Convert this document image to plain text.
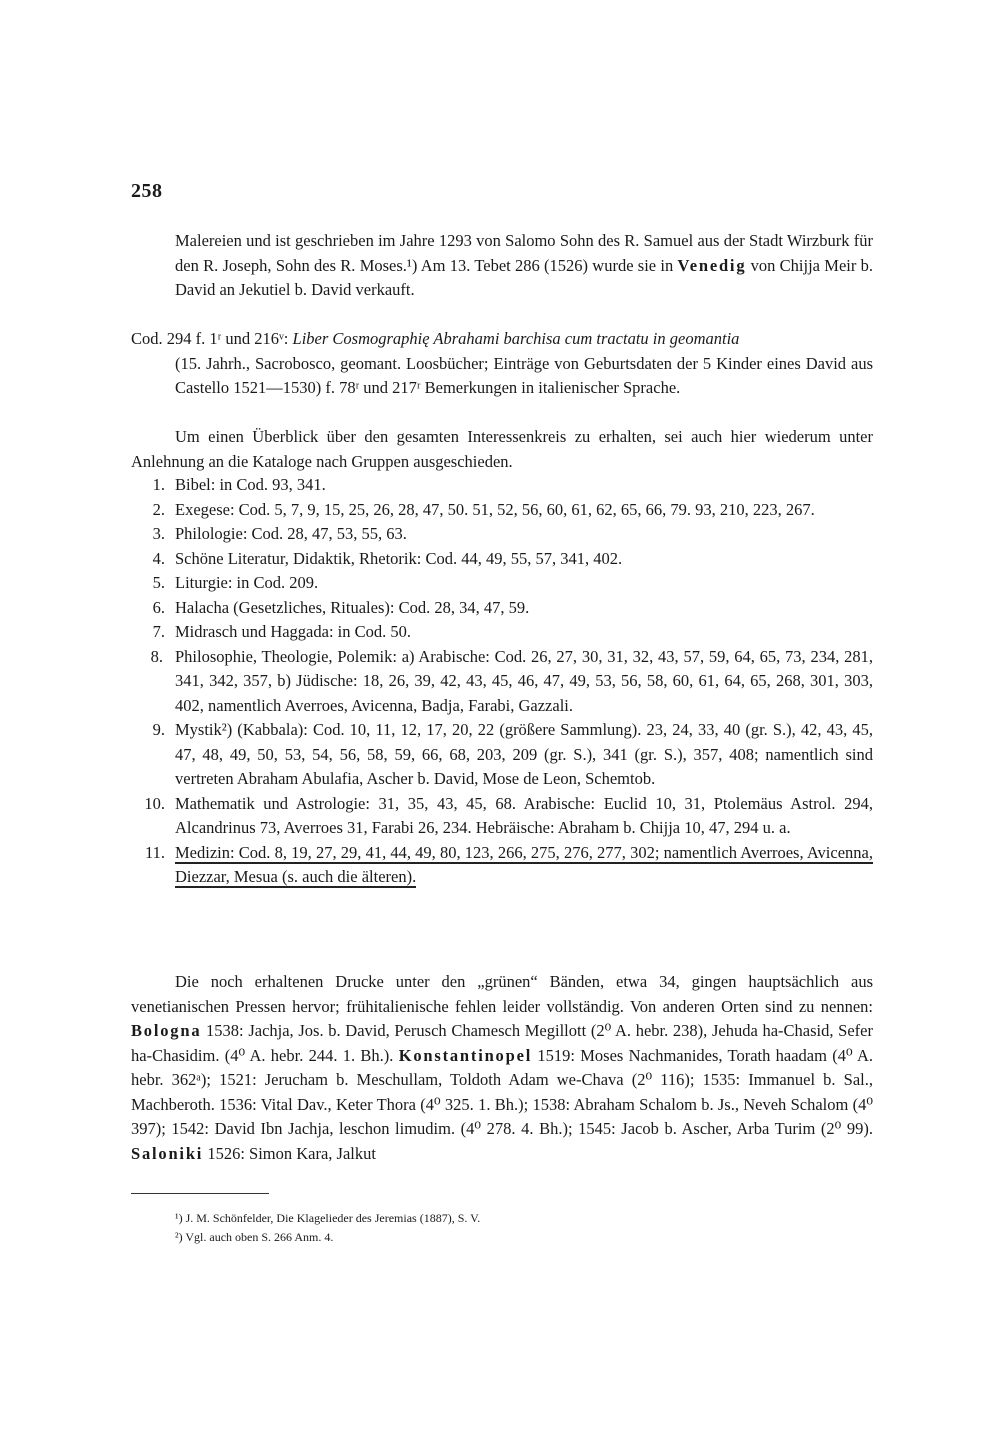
258
Malereien und ist geschrieben im Jahre 1293 von Salomo Sohn des R. Samuel aus der Stadt Wirzburk für den R. Joseph, Sohn des R. Moses.¹) Am 13. Tebet 286 (1526) wurde sie in Venedig von Chijja Meir b. David an Jekutiel b. David verkauft.
Cod. 294 f. 1ʳ und 216ᵛ: Liber Cosmographię Abrahami barchisa cum tractatu in geomantia
(15. Jahrh., Sacrobosco, geomant. Loosbücher; Einträge von Geburtsdaten der 5 Kinder eines David aus Castello 1521—1530) f. 78ʳ und 217ʳ Bemerkungen in italienischer Sprache.
Um einen Überblick über den gesamten Interessenkreis zu erhalten, sei auch hier wiederum unter Anlehnung an die Kataloge nach Gruppen ausgeschieden.
1. Bibel: in Cod. 93, 341.
2. Exegese: Cod. 5, 7, 9, 15, 25, 26, 28, 47, 50. 51, 52, 56, 60, 61, 62, 65, 66, 79. 93, 210, 223, 267.
3. Philologie: Cod. 28, 47, 53, 55, 63.
4. Schöne Literatur, Didaktik, Rhetorik: Cod. 44, 49, 55, 57, 341, 402.
5. Liturgie: in Cod. 209.
6. Halacha (Gesetzliches, Rituales): Cod. 28, 34, 47, 59.
7. Midrasch und Haggada: in Cod. 50.
8. Philosophie, Theologie, Polemik: a) Arabische: Cod. 26, 27, 30, 31, 32, 43, 57, 59, 64, 65, 73, 234, 281, 341, 342, 357, b) Jüdische: 18, 26, 39, 42, 43, 45, 46, 47, 49, 53, 56, 58, 60, 61, 64, 65, 268, 301, 303, 402, namentlich Averroes, Avicenna, Badja, Farabi, Gazzali.
9. Mystik²) (Kabbala): Cod. 10, 11, 12, 17, 20, 22 (größere Sammlung). 23, 24, 33, 40 (gr. S.), 42, 43, 45, 47, 48, 49, 50, 53, 54, 56, 58, 59, 66, 68, 203, 209 (gr. S.), 341 (gr. S.), 357, 408; namentlich sind vertreten Abraham Abulafia, Ascher b. David, Mose de Leon, Schemtob.
10. Mathematik und Astrologie: 31, 35, 43, 45, 68. Arabische: Euclid 10, 31, Ptolemäus Astrol. 294, Alcandrinus 73, Averroes 31, Farabi 26, 234. Hebräische: Abraham b. Chijja 10, 47, 294 u. a.
11. Medizin: Cod. 8, 19, 27, 29, 41, 44, 49, 80, 123, 266, 275, 276, 277, 302; namentlich Averroes, Avicenna, Diezzar, Mesua (s. auch die älteren).
Die noch erhaltenen Drucke unter den „grünen“ Bänden, etwa 34, gingen hauptsächlich aus venetianischen Pressen hervor; frühitalienische fehlen leider vollständig. Von anderen Orten sind zu nennen: Bologna 1538: Jachja, Jos. b. David, Perusch Chamesch Megillott (2⁰ A. hebr. 238), Jehuda ha-Chasid, Sefer ha-Chasidim. (4⁰ A. hebr. 244. 1. Bh.). Konstantinopel 1519: Moses Nachmanides, Torath haadam (4⁰ A. hebr. 362ᵃ); 1521: Jerucham b. Meschullam, Toldoth Adam we-Chava (2⁰ 116); 1535: Immanuel b. Sal., Machberoth. 1536: Vital Dav., Keter Thora (4⁰ 325. 1. Bh.); 1538: Abraham Schalom b. Js., Neveh Schalom (4⁰ 397); 1542: David Ibn Jachja, leschon limudim. (4⁰ 278. 4. Bh.); 1545: Jacob b. Ascher, Arba Turim (2⁰ 99). Saloniki 1526: Simon Kara, Jalkut
¹) J. M. Schönfelder, Die Klagelieder des Jeremias (1887), S. V.
²) Vgl. auch oben S. 266 Anm. 4.
